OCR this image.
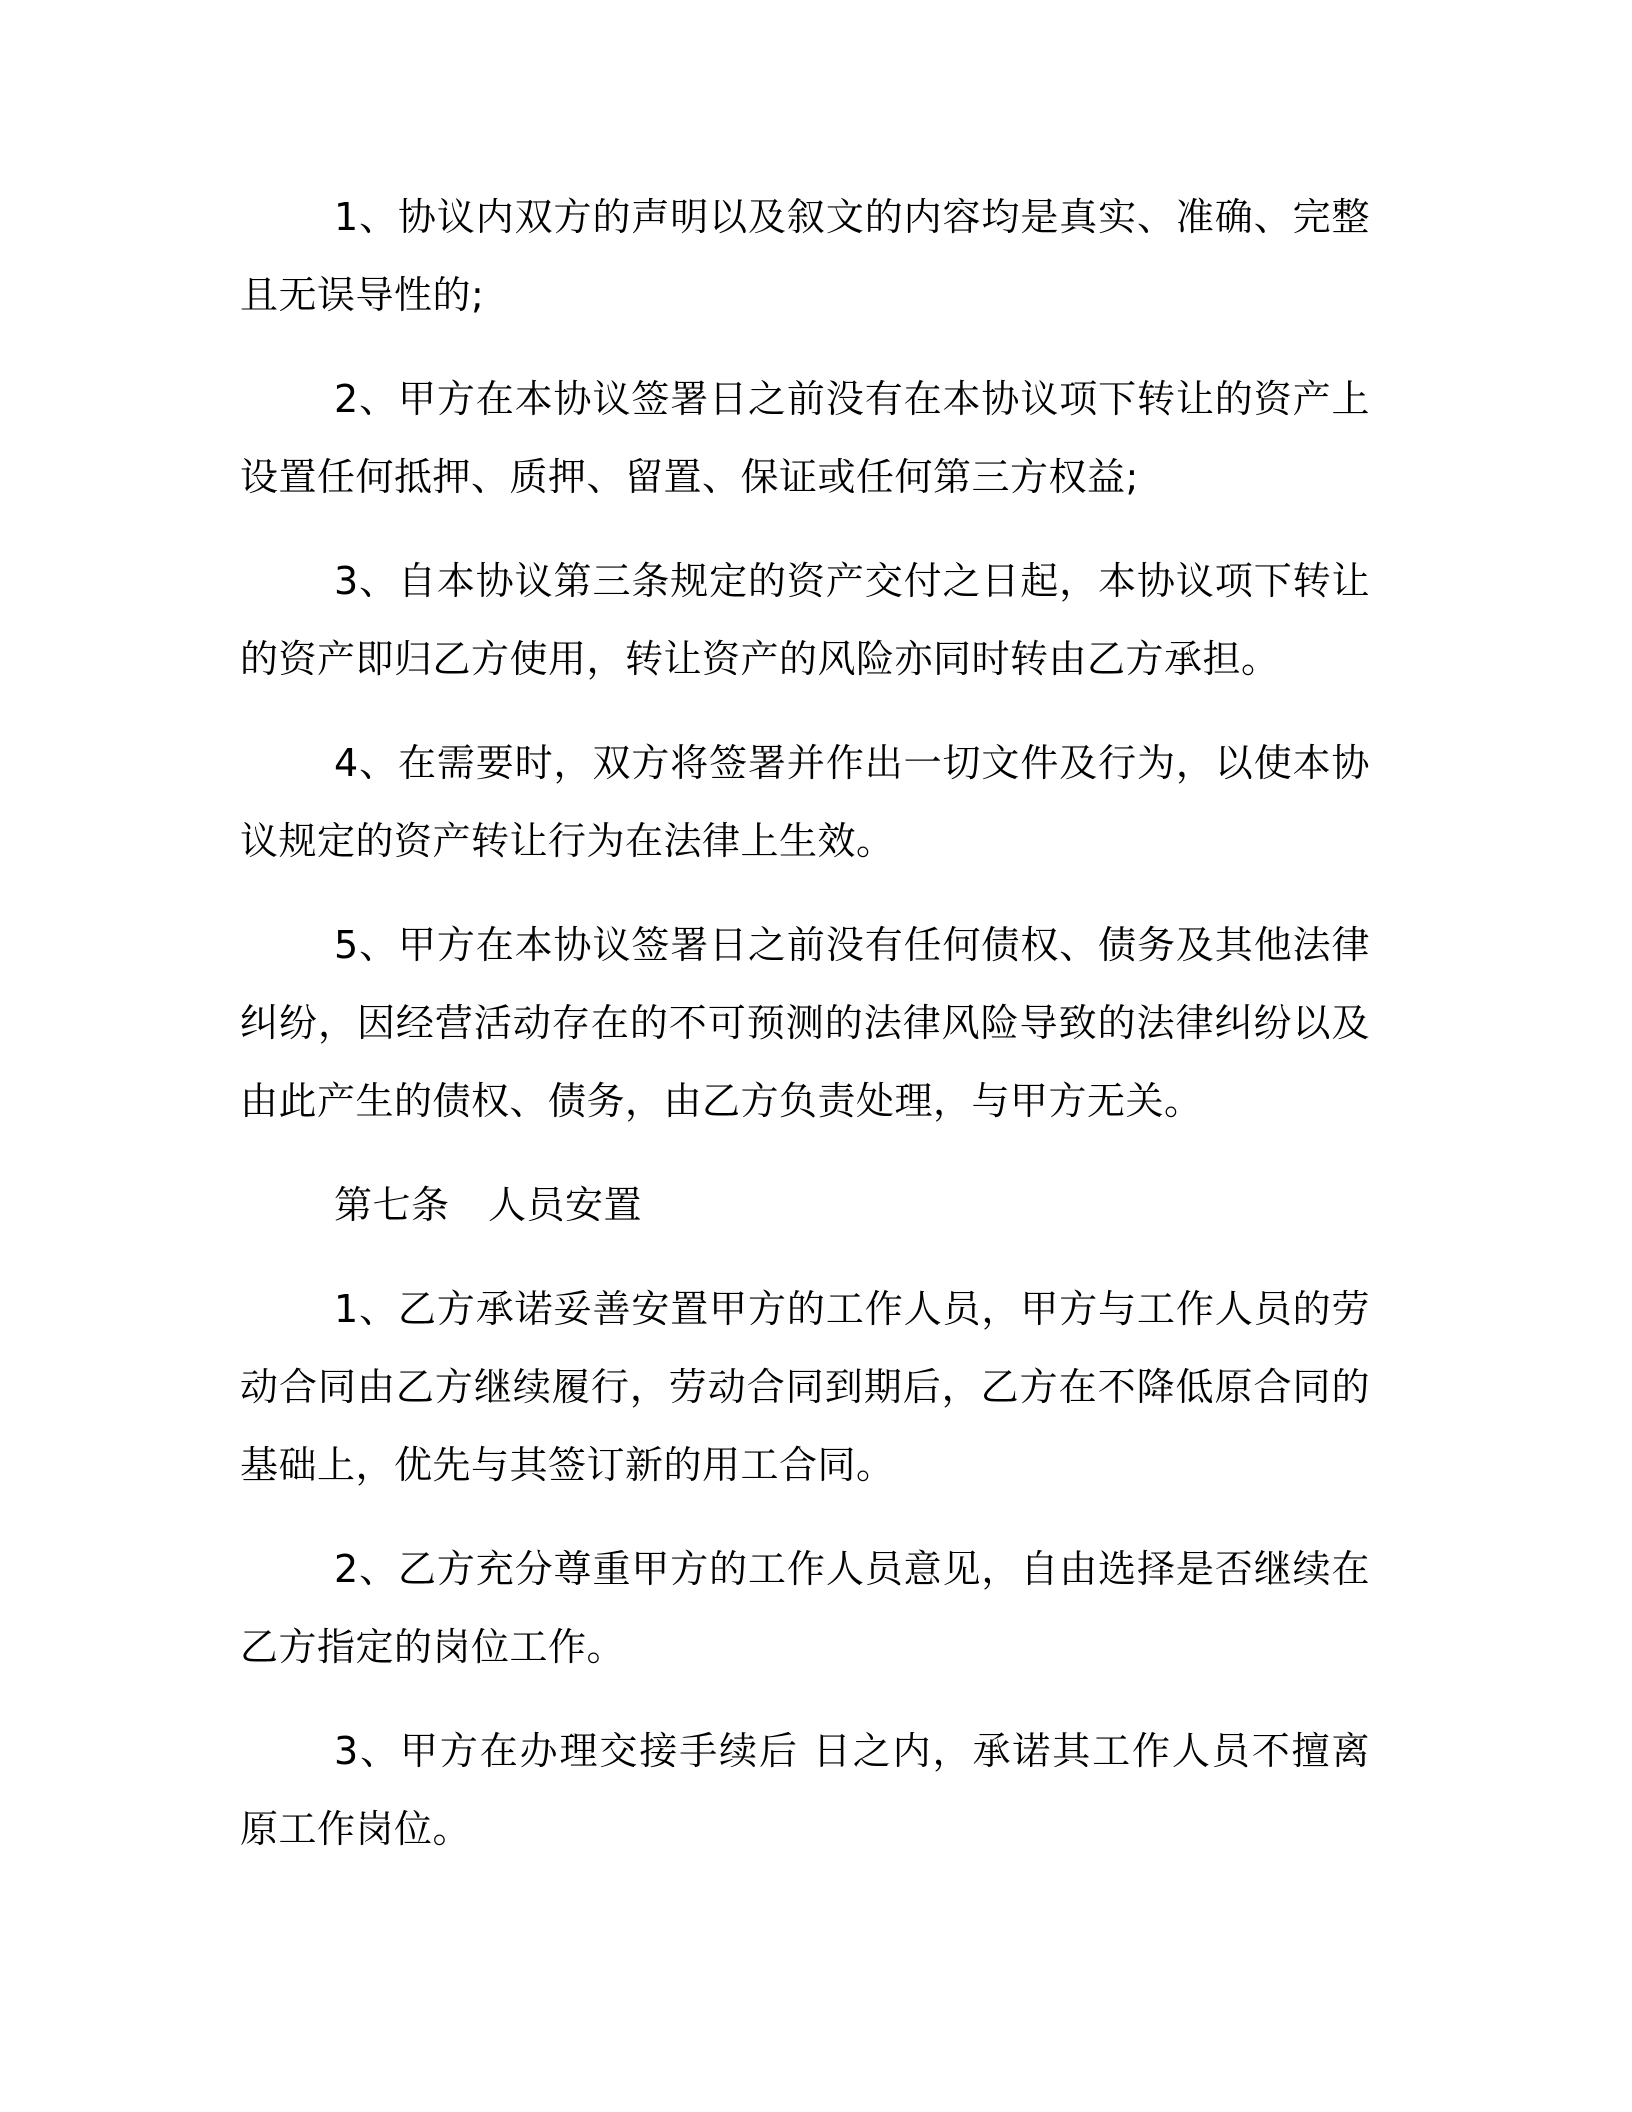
1、协议内双方的声明以及叙文的内容均是真实、准确、完整且无误导性的;

2、甲方在本协议签署日之前没有在本协议项下转让的资产上设置任何抵押、质押、留置、保证或任何第三方权益;

3、自本协议第三条规定的资产交付之日起，本协议项下转让的资产即归乙方使用，转让资产的风险亦同时转由乙方承担。

4、在需要时，双方将签署并作出一切文件及行为，以使本协议规定的资产转让行为在法律上生效。

5、甲方在本协议签署日之前没有任何债权、债务及其他法律纠纷，因经营活动存在的不可预测的法律风险导致的法律纠纷以及由此产生的债权、债务，由乙方负责处理，与甲方无关。

第七条　人员安置

1、乙方承诺妥善安置甲方的工作人员，甲方与工作人员的劳动合同由乙方继续履行，劳动合同到期后，乙方在不降低原合同的基础上，优先与其签订新的用工合同。

2、乙方充分尊重甲方的工作人员意见，自由选择是否继续在乙方指定的岗位工作。

3、甲方在办理交接手续后 日之内，承诺其工作人员不擅离原工作岗位。
